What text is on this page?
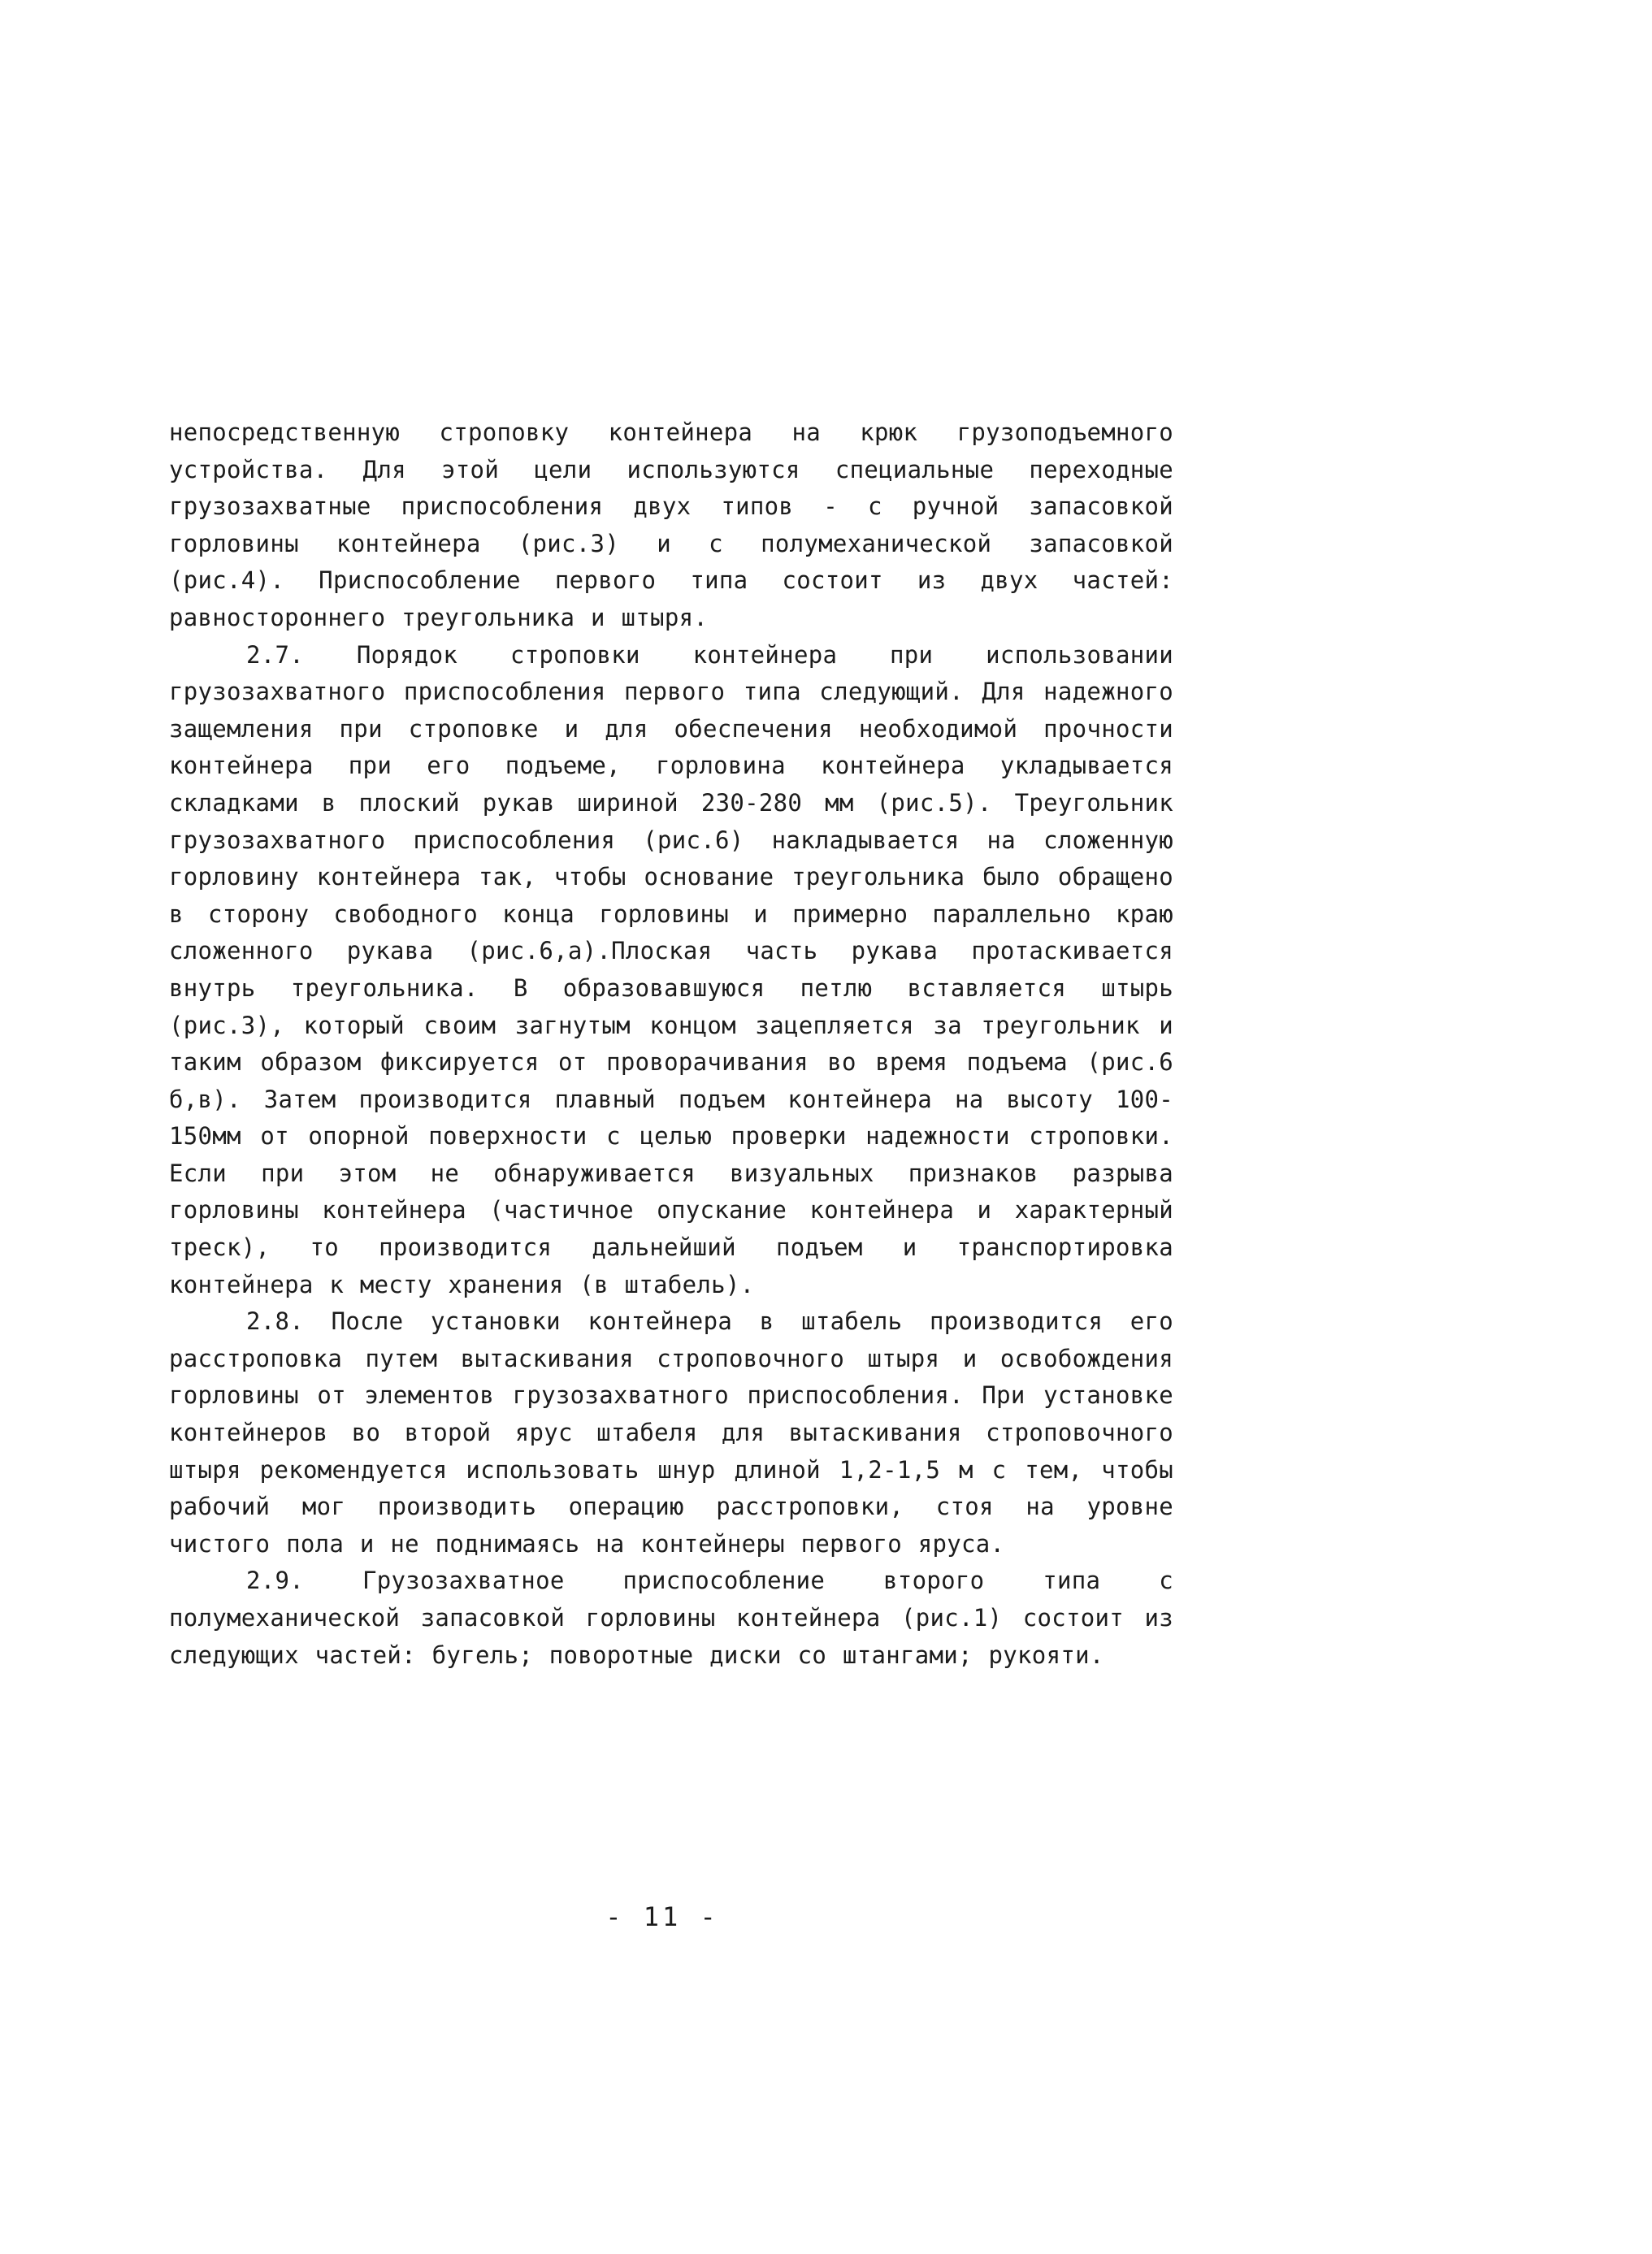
непосредственную строповку контейнера на крюк грузоподъемного устройства. Для этой цели используются специальные переходные грузозахватные приспособления двух типов - с ручной запасовкой горловины контейнера (рис.3) и с полумеханической запасовкой (рис.4). Приспособление первого типа состоит из двух частей: равностороннего треугольника и штыря.

2.7. Порядок строповки контейнера при использовании грузозахватного приспособления первого типа следующий. Для надежного защемления при строповке и для обеспечения необходимой прочности контейнера при его подъеме, горловина контейнера укладывается складками в плоский рукав шириной 230-280 мм (рис.5). Треугольник грузозахватного приспособления (рис.6) накладывается на сложенную горловину контейнера так, чтобы основание треугольника было обращено в сторону свободного конца горловины и примерно параллельно краю сложенного рукава (рис.6,а).Плоская часть рукава протаскивается внутрь треугольника. В образовавшуюся петлю вставляется штырь (рис.3), который своим загнутым концом зацепляется за треугольник и таким образом фиксируется от проворачивания во время подъема (рис.6 б,в). Затем производится плавный подъем контейнера на высоту 100-150мм от опорной поверхности с целью проверки надежности строповки. Если при этом не обнаруживается визуальных признаков разрыва горловины контейнера (частичное опускание контейнера и характерный треск), то производится дальнейший подъем и транспортировка контейнера к месту хранения (в штабель).

2.8. После установки контейнера в штабель производится его расстроповка путем вытаскивания строповочного штыря и освобождения горловины от элементов грузозахватного приспособления. При установке контейнеров во второй ярус штабеля для вытаскивания строповочного штыря рекомендуется использовать шнур длиной 1,2-1,5 м с тем, чтобы рабочий мог производить операцию расстроповки, стоя на уровне чистого пола и не поднимаясь на контейнеры первого яруса.

2.9. Грузозахватное приспособление второго типа с полумеханической запасовкой горловины контейнера (рис.1) состоит из следующих частей: бугель; поворотные диски со штангами; рукояти.

- 11 -
